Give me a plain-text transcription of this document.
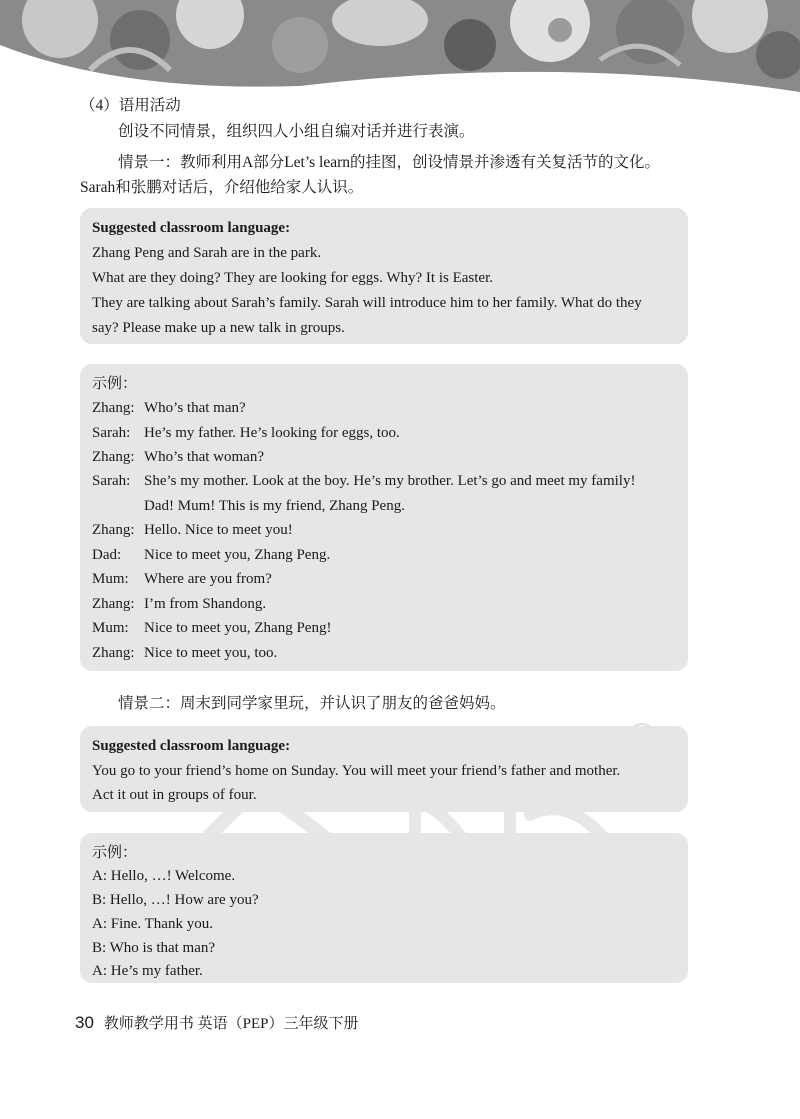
（4）语用活动
创设不同情景，组织四人小组自编对话并进行表演。
情景一：教师利用A部分Let’s learn的挂图，创设情景并渗透有关复活节的文化。
Sarah和张鹏对话后，介绍他给家人认识。
Suggested classroom language:
Zhang Peng and Sarah are in the park.
What are they doing? They are looking for eggs. Why? It is Easter.
They are talking about Sarah’s family. Sarah will introduce him to her family. What do they
say? Please make up a new talk in groups.
示例：
Zhang: Who’s that man?
Sarah: He’s my father. He’s looking for eggs, too.
Zhang: Who’s that woman?
Sarah: She’s my mother. Look at the boy. He’s my brother. Let’s go and meet my family!
Dad! Mum! This is my friend, Zhang Peng.
Zhang: Hello. Nice to meet you!
Dad: Nice to meet you, Zhang Peng.
Mum: Where are you from?
Zhang: I’m from Shandong.
Mum: Nice to meet you, Zhang Peng!
Zhang: Nice to meet you, too.
情景二：周末到同学家里玩，并认识了朋友的爸爸妈妈。
Suggested classroom language:
You go to your friend’s home on Sunday. You will meet your friend’s father and mother.
Act it out in groups of four.
示例：
A: Hello, …! Welcome.
B: Hello, …! How are you?
A: Fine. Thank you.
B: Who is that man?
A: He’s my father.
30 教师教学用书 英语（PEP）三年级下册
